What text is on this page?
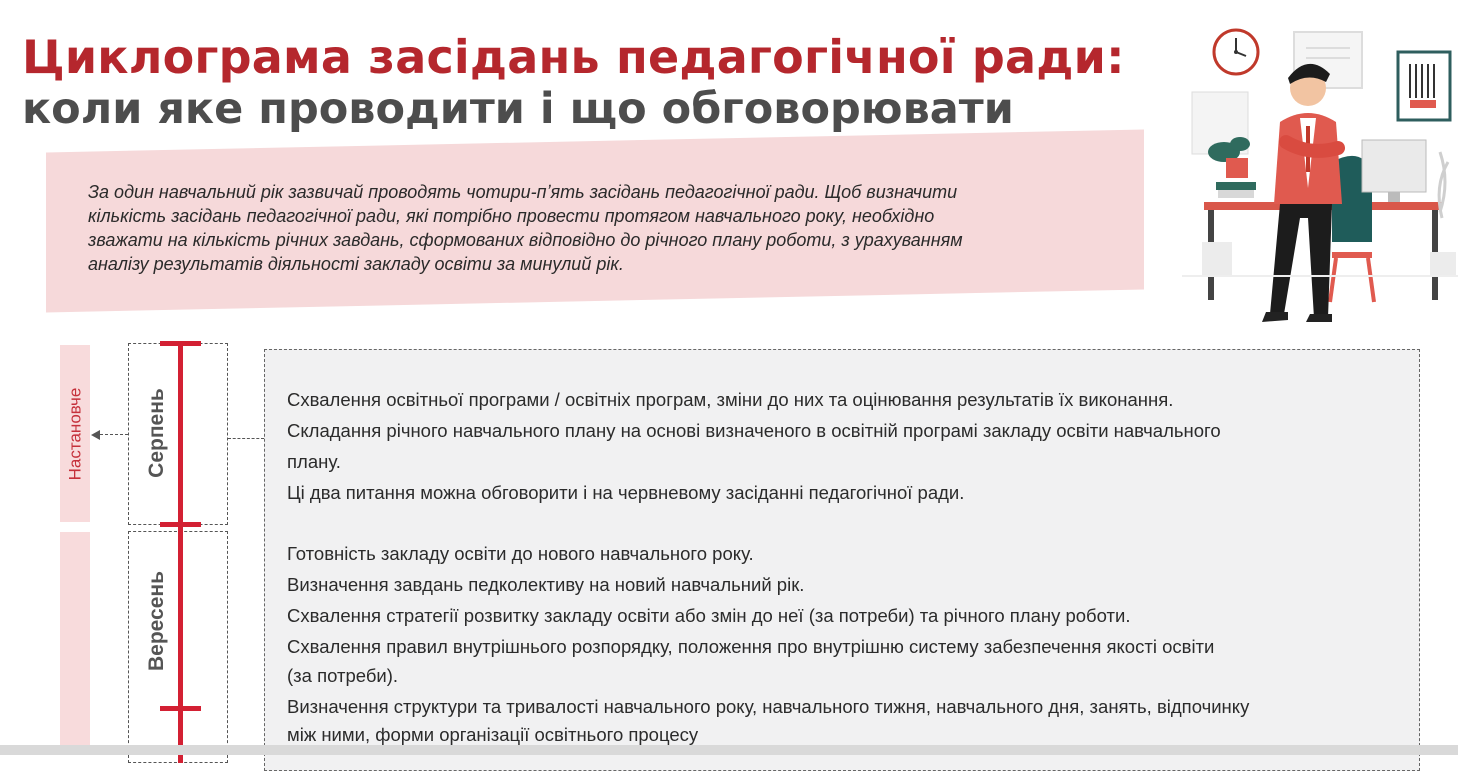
Циклограма засідань педагогічної ради:
коли яке проводити і що обговорювати
За один навчальний рік зазвичай проводять чотири-пʼять засідань педагогічної ради. Щоб визначити
кількість засідань педагогічної ради, які потрібно провести протягом навчального року, необхідно
зважати на кількість річних завдань, сформованих відповідно до річного плану роботи, з урахуванням
аналізу результатів діяльності закладу освіти за минулий рік.
Настановче	Серпень
Вересень
Схвалення освітньої програми / освітніх програм, зміни до них та оцінювання результатів їх виконання.
Складання річного навчального плану на основі визначеного в освітній програмі закладу освіти навчального
плану.
Ці два питання можна обговорити і на червневому засіданні педагогічної ради.
Готовність закладу освіти до нового навчального року.
Визначення завдань педколективу на новий навчальний рік.
Схвалення стратегії розвитку закладу освіти або змін до неї (за потреби) та річного плану роботи.
Схвалення правил внутрішнього розпорядку, положення про внутрішню систему забезпечення якості освіти
(за потреби).
Визначення структури та тривалості навчального року, навчального тижня, навчального дня, занять, відпочинку
між ними, форми організації освітнього процесу
